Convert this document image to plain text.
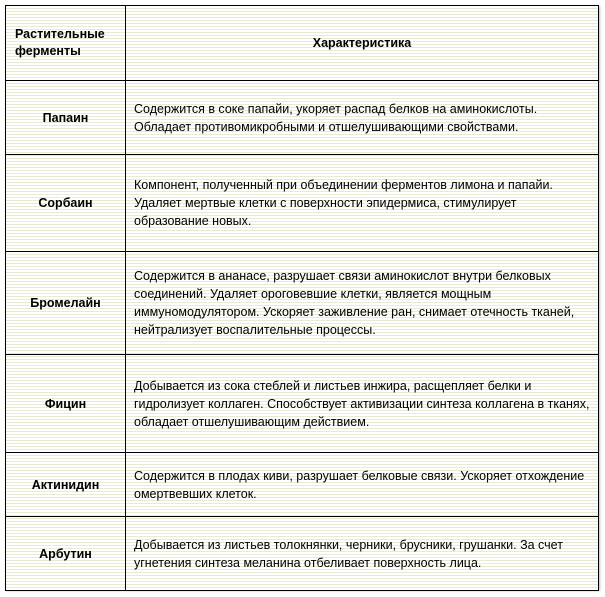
Растительные ферменты	Характеристика
Папаин	Содержится в соке папайи, укоряет распад белков на аминокислоты. Обладает противомикробными и отшелушивающими свойствами.
Сорбаин	Компонент, полученный при объединении ферментов лимона и папайи. Удаляет мертвые клетки с поверхности эпидермиса, стимулирует образование новых.
Бромелайн	Содержится в ананасе, разрушает связи аминокислот внутри белковых соединений. Удаляет ороговевшие клетки, является мощным иммуномодулятором. Ускоряет заживление ран, снимает отечность тканей, нейтрализует воспалительные процессы.
Фицин	Добывается из сока стеблей и листьев инжира, расщепляет белки и гидролизует коллаген. Способствует активизации синтеза коллагена в тканях, обладает отшелушивающим действием.
Актинидин	Содержится в плодах киви, разрушает белковые связи. Ускоряет отхождение омертвевших клеток.
Арбутин	Добывается из листьев толокнянки, черники, брусники, грушанки. За счет угнетения синтеза меланина отбеливает поверхность лица.
